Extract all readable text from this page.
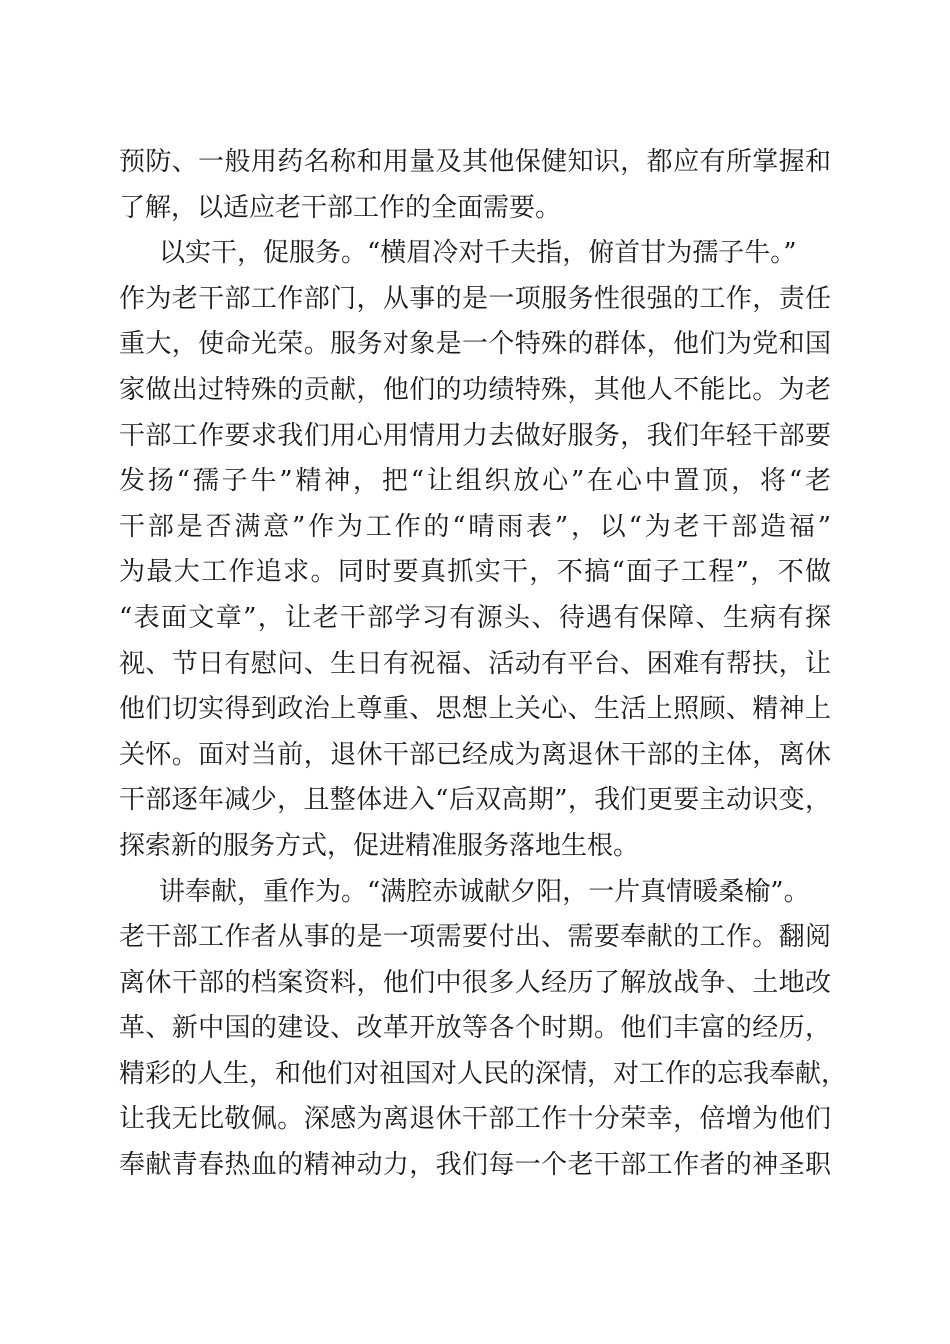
预防、一般用药名称和用量及其他保健知识，都应有所掌握和
了解，以适应老干部工作的全面需要。
以实干，促服务。“横眉冷对千夫指，俯首甘为孺子牛。”
作为老干部工作部门，从事的是一项服务性很强的工作，责任
重大，使命光荣。服务对象是一个特殊的群体，他们为党和国
家做出过特殊的贡献，他们的功绩特殊，其他人不能比。为老
干部工作要求我们用心用情用力去做好服务，我们年轻干部要
发扬“孺子牛”精神，把“让组织放心”在心中置顶，将“老
干部是否满意”作为工作的“晴雨表”，以“为老干部造福”
为最大工作追求。同时要真抓实干，不搞“面子工程”，不做
“表面文章”，让老干部学习有源头、待遇有保障、生病有探
视、节日有慰问、生日有祝福、活动有平台、困难有帮扶，让
他们切实得到政治上尊重、思想上关心、生活上照顾、精神上
关怀。面对当前，退休干部已经成为离退休干部的主体，离休
干部逐年减少，且整体进入“后双高期”，我们更要主动识变，
探索新的服务方式，促进精准服务落地生根。
讲奉献，重作为。“满腔赤诚献夕阳，一片真情暖桑榆”。
老干部工作者从事的是一项需要付出、需要奉献的工作。翻阅
离休干部的档案资料，他们中很多人经历了解放战争、土地改
革、新中国的建设、改革开放等各个时期。他们丰富的经历，
精彩的人生，和他们对祖国对人民的深情，对工作的忘我奉献，
让我无比敬佩。深感为离退休干部工作十分荣幸，倍增为他们
奉献青春热血的精神动力，我们每一个老干部工作者的神圣职
